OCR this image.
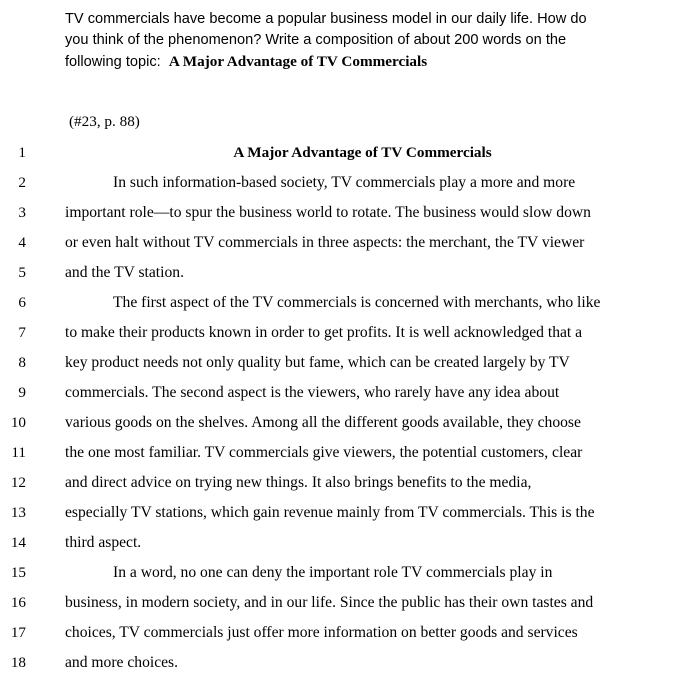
TV commercials have become a popular business model in our daily life. How do
you think of the phenomenon? Write a composition of about 200 words on the
following topic:  A Major Advantage of TV Commercials
(#23, p. 88)
1	A Major Advantage of TV Commercials
2	In such information-based society, TV commercials play a more and more
3	important role—to spur the business world to rotate. The business would slow down
4	or even halt without TV commercials in three aspects: the merchant, the TV viewer
5	and the TV station.
6	The first aspect of the TV commercials is concerned with merchants, who like
7	to make their products known in order to get profits. It is well acknowledged that a
8	key product needs not only quality but fame, which can be created largely by TV
9	commercials. The second aspect is the viewers, who rarely have any idea about
10	various goods on the shelves. Among all the different goods available, they choose
11	the one most familiar. TV commercials give viewers, the potential customers, clear
12	and direct advice on trying new things. It also brings benefits to the media,
13	especially TV stations, which gain revenue mainly from TV commercials. This is the
14	third aspect.
15	In a word, no one can deny the important role TV commercials play in
16	business, in modern society, and in our life. Since the public has their own tastes and
17	choices, TV commercials just offer more information on better goods and services
18	and more choices.
